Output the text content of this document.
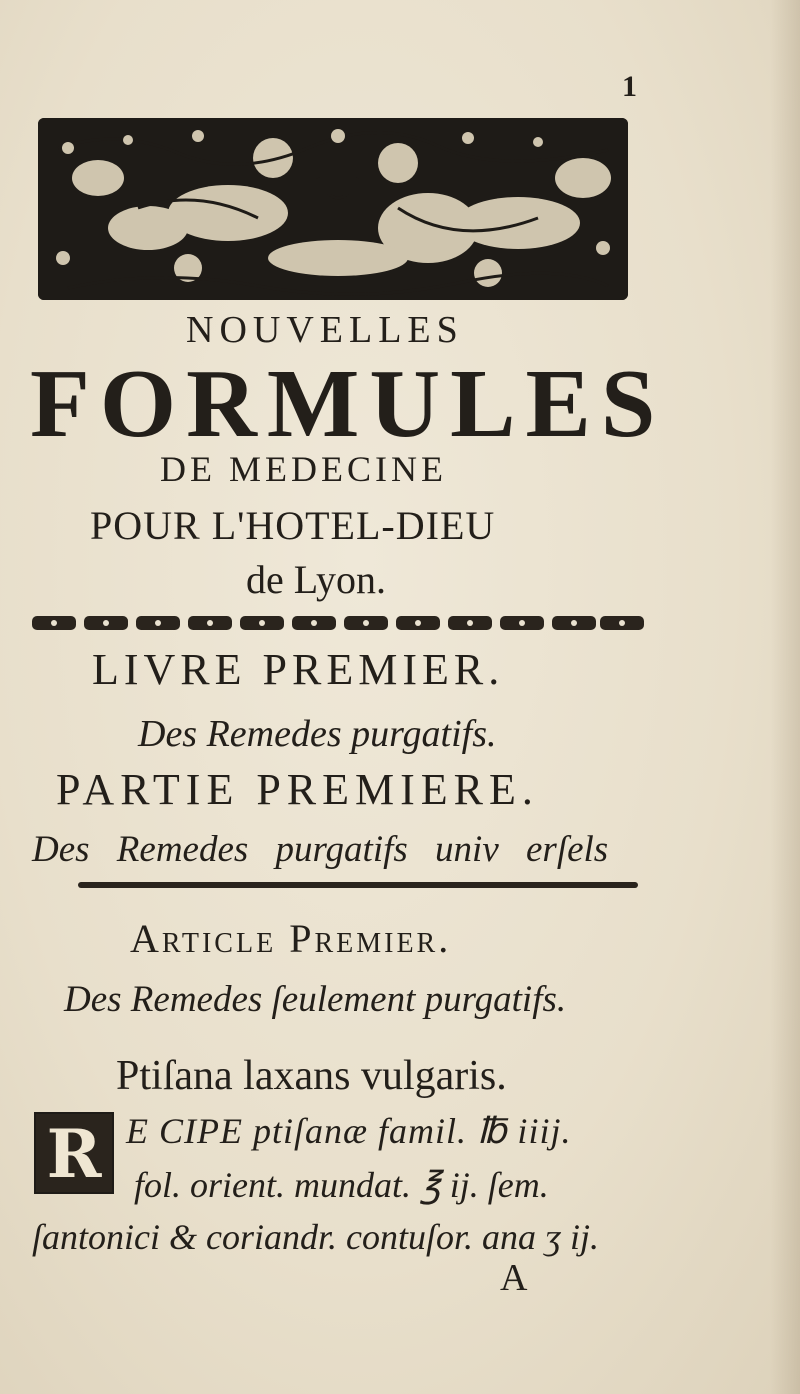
1
NOUVELLES
FORMULES
DE MEDECINE
POUR L'HOTEL-DIEU
de Lyon.
LIVRE PREMIER.
Des Remedes purgatifs.
PARTIE PREMIERE.
Des Remedes purgatifs univ erſels
Article Premier.
Des Remedes ſeulement purgatifs.
Ptiſana laxans vulgaris.
R E CIPE ptiſanæ famil. ℔ iiij.
fol. orient. mundat. ℥ ij. ſem.
ſantonici & coriandr. contuſor. ana ʒ ij.
A
